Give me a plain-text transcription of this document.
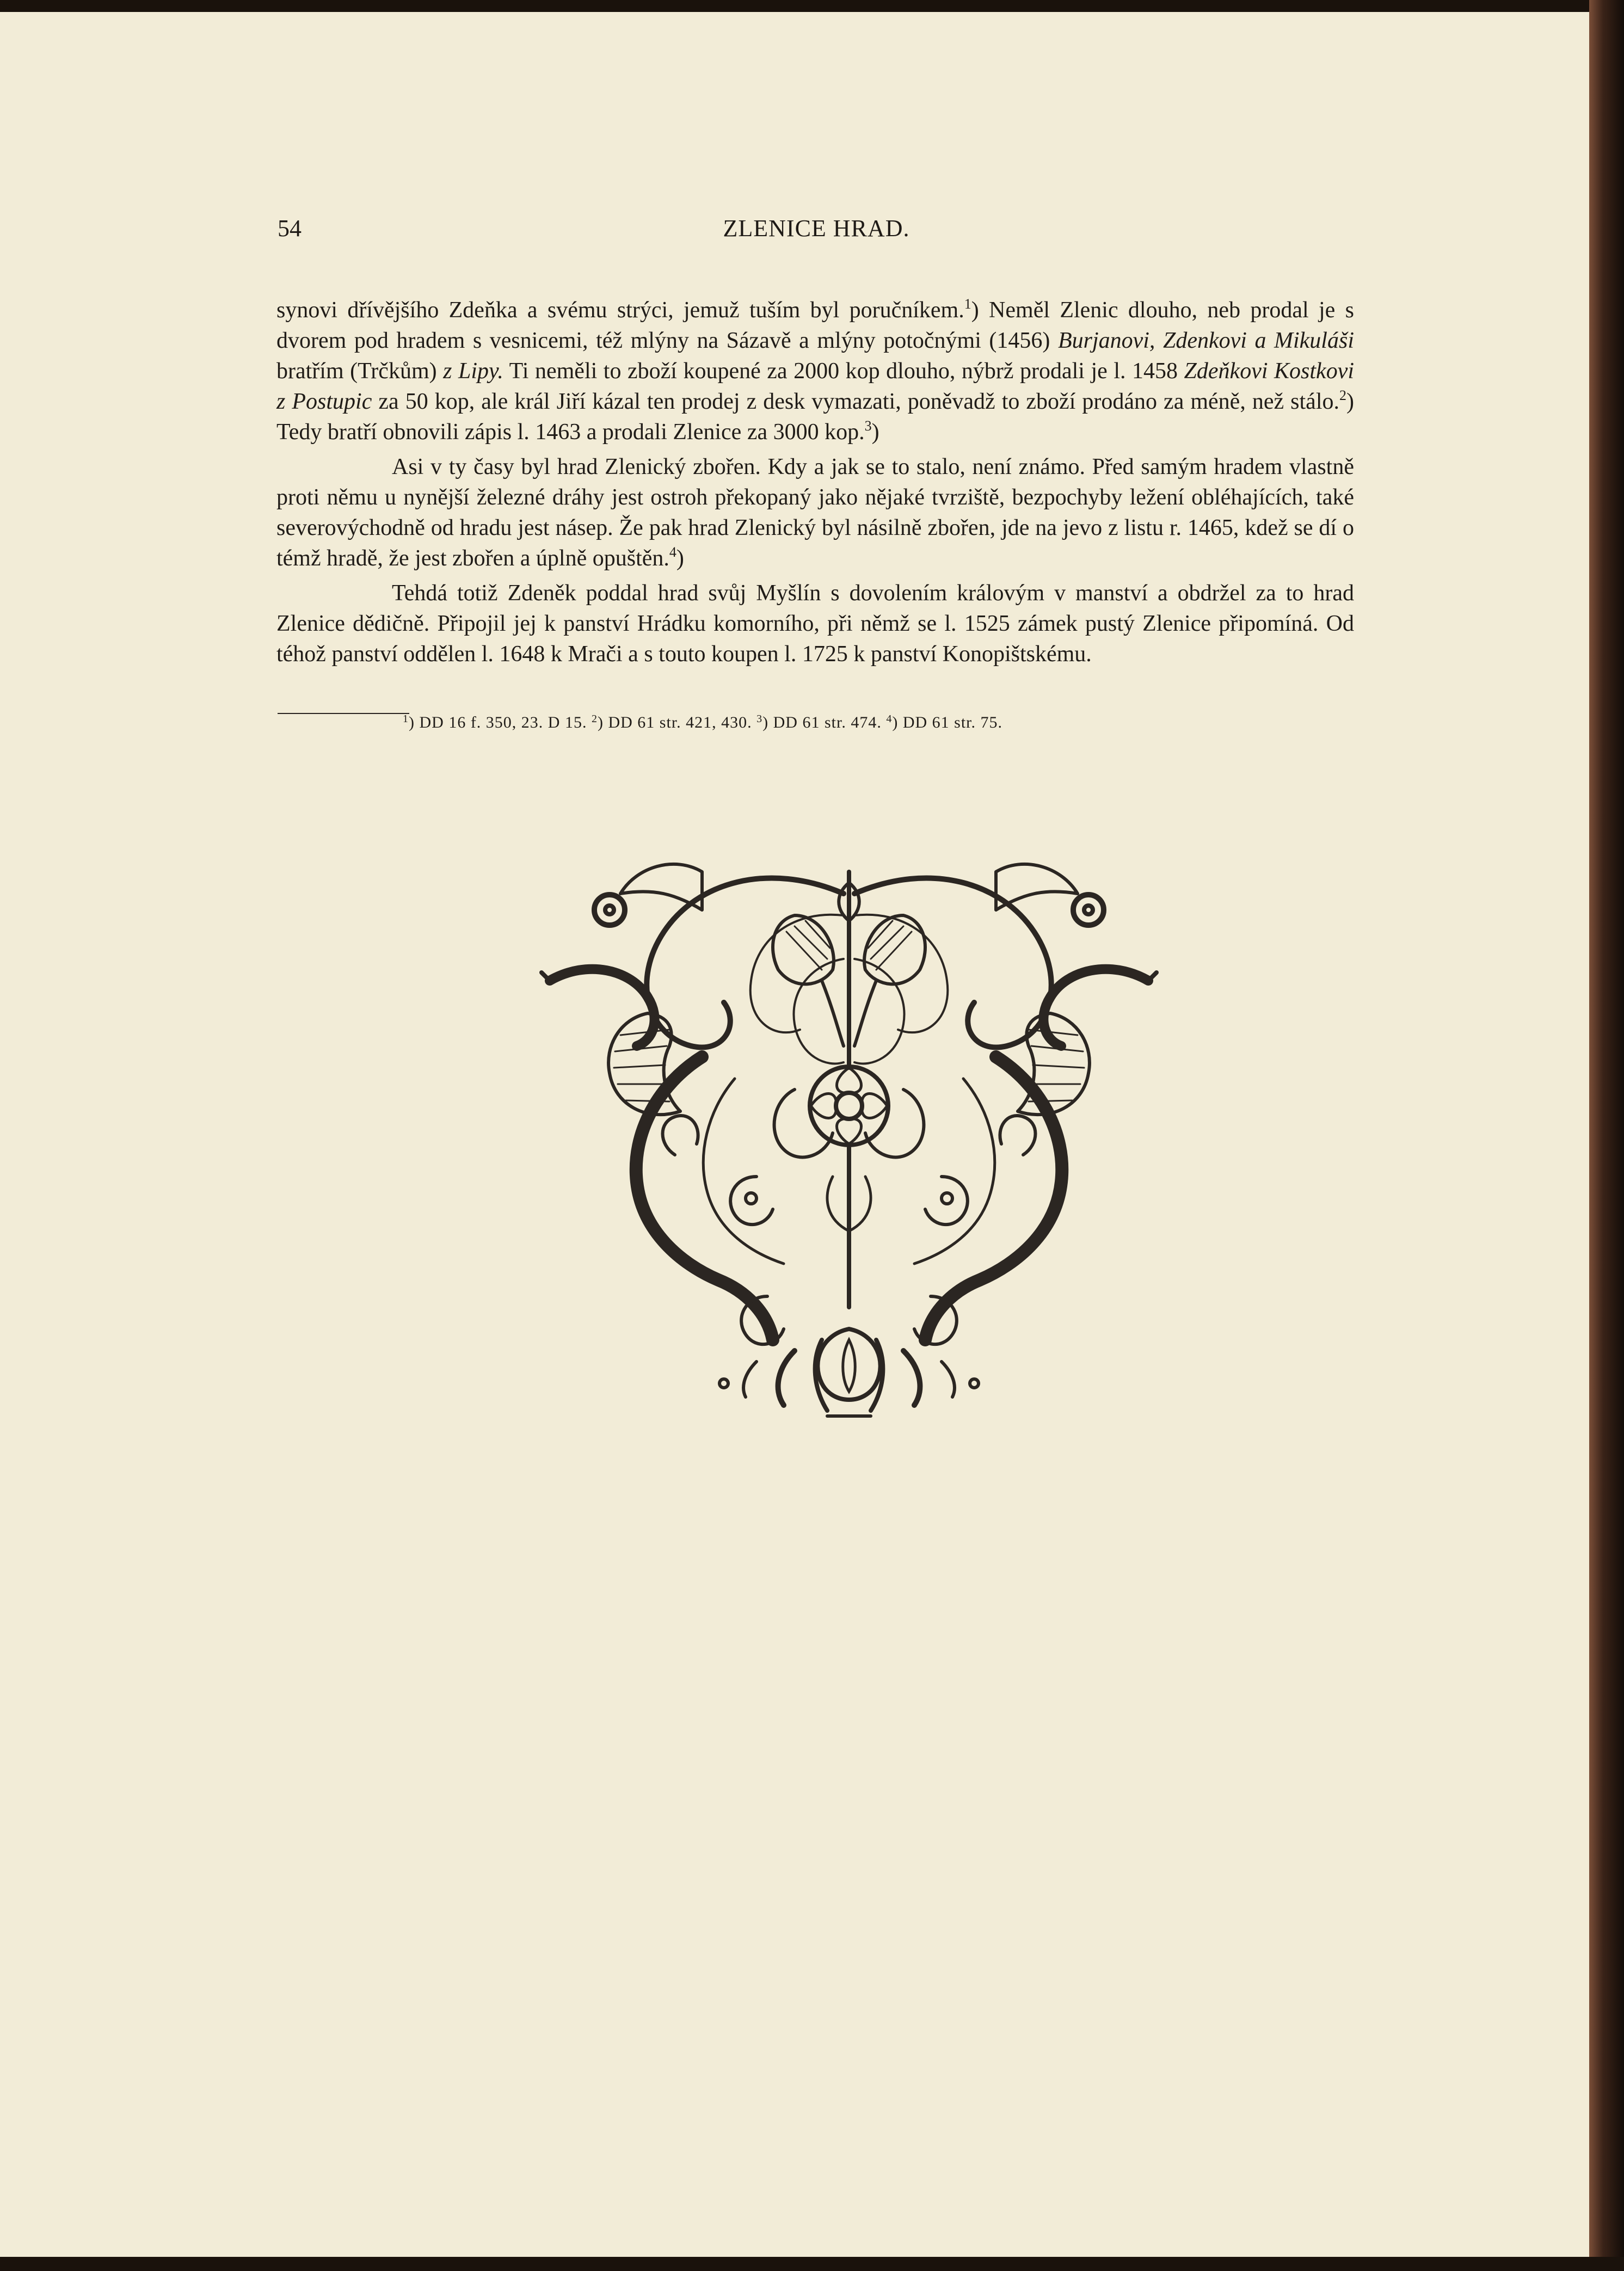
54	ZLENICE HRAD.

synovi dřívějšího Zdeňka a svému strýci, jemuž tuším byl poručníkem.$^1$) Neměl Zlenic dlouho, neb prodal je s dvorem pod hradem s vesnicemi, též mlýny na Sázavě a mlýny potočnými (1456) Burjanovi, Zdenkovi a Mikuláši bratřím (Trčkům) z Lipy. Ti neměli to zboží koupené za 2000 kop dlouho, nýbrž prodali je l. 1458 Zdeňkovi Kostkovi z Postupic za 50 kop, ale král Jiří kázal ten prodej z desk vymazati, poněvadž to zboží prodáno za méně, než stálo.$^2$) Tedy bratří obnovili zápis l. 1463 a prodali Zlenice za 3000 kop.$^3$)

Asi v ty časy byl hrad Zlenický zbořen. Kdy a jak se to stalo, není známo. Před samým hradem vlastně proti němu u nynější železné dráhy jest ostroh překopaný jako nějaké tvrziště, bezpochyby ležení obléhajících, také severovýchodně od hradu jest násep. Že pak hrad Zlenický byl násilně zbořen, jde na jevo z listu r. 1465, kdež se dí o témž hradě, že jest zbořen a úplně opuštěn.$^4$)

Tehdá totiž Zdeněk poddal hrad svůj Myšlín s dovolením královým v manství a obdržel za to hrad Zlenice dědičně. Připojil jej k panství Hrádku komorního, při němž se l. 1525 zámek pustý Zlenice připomíná. Od téhož panství oddělen l. 1648 k Mrači a s touto koupen l. 1725 k panství Konopištskému.

$^1$) DD 16 f. 350, 23. D 15. $^2$) DD 61 str. 421, 430. $^3$) DD 61 str. 474. $^4$) DD 61 str. 75.
